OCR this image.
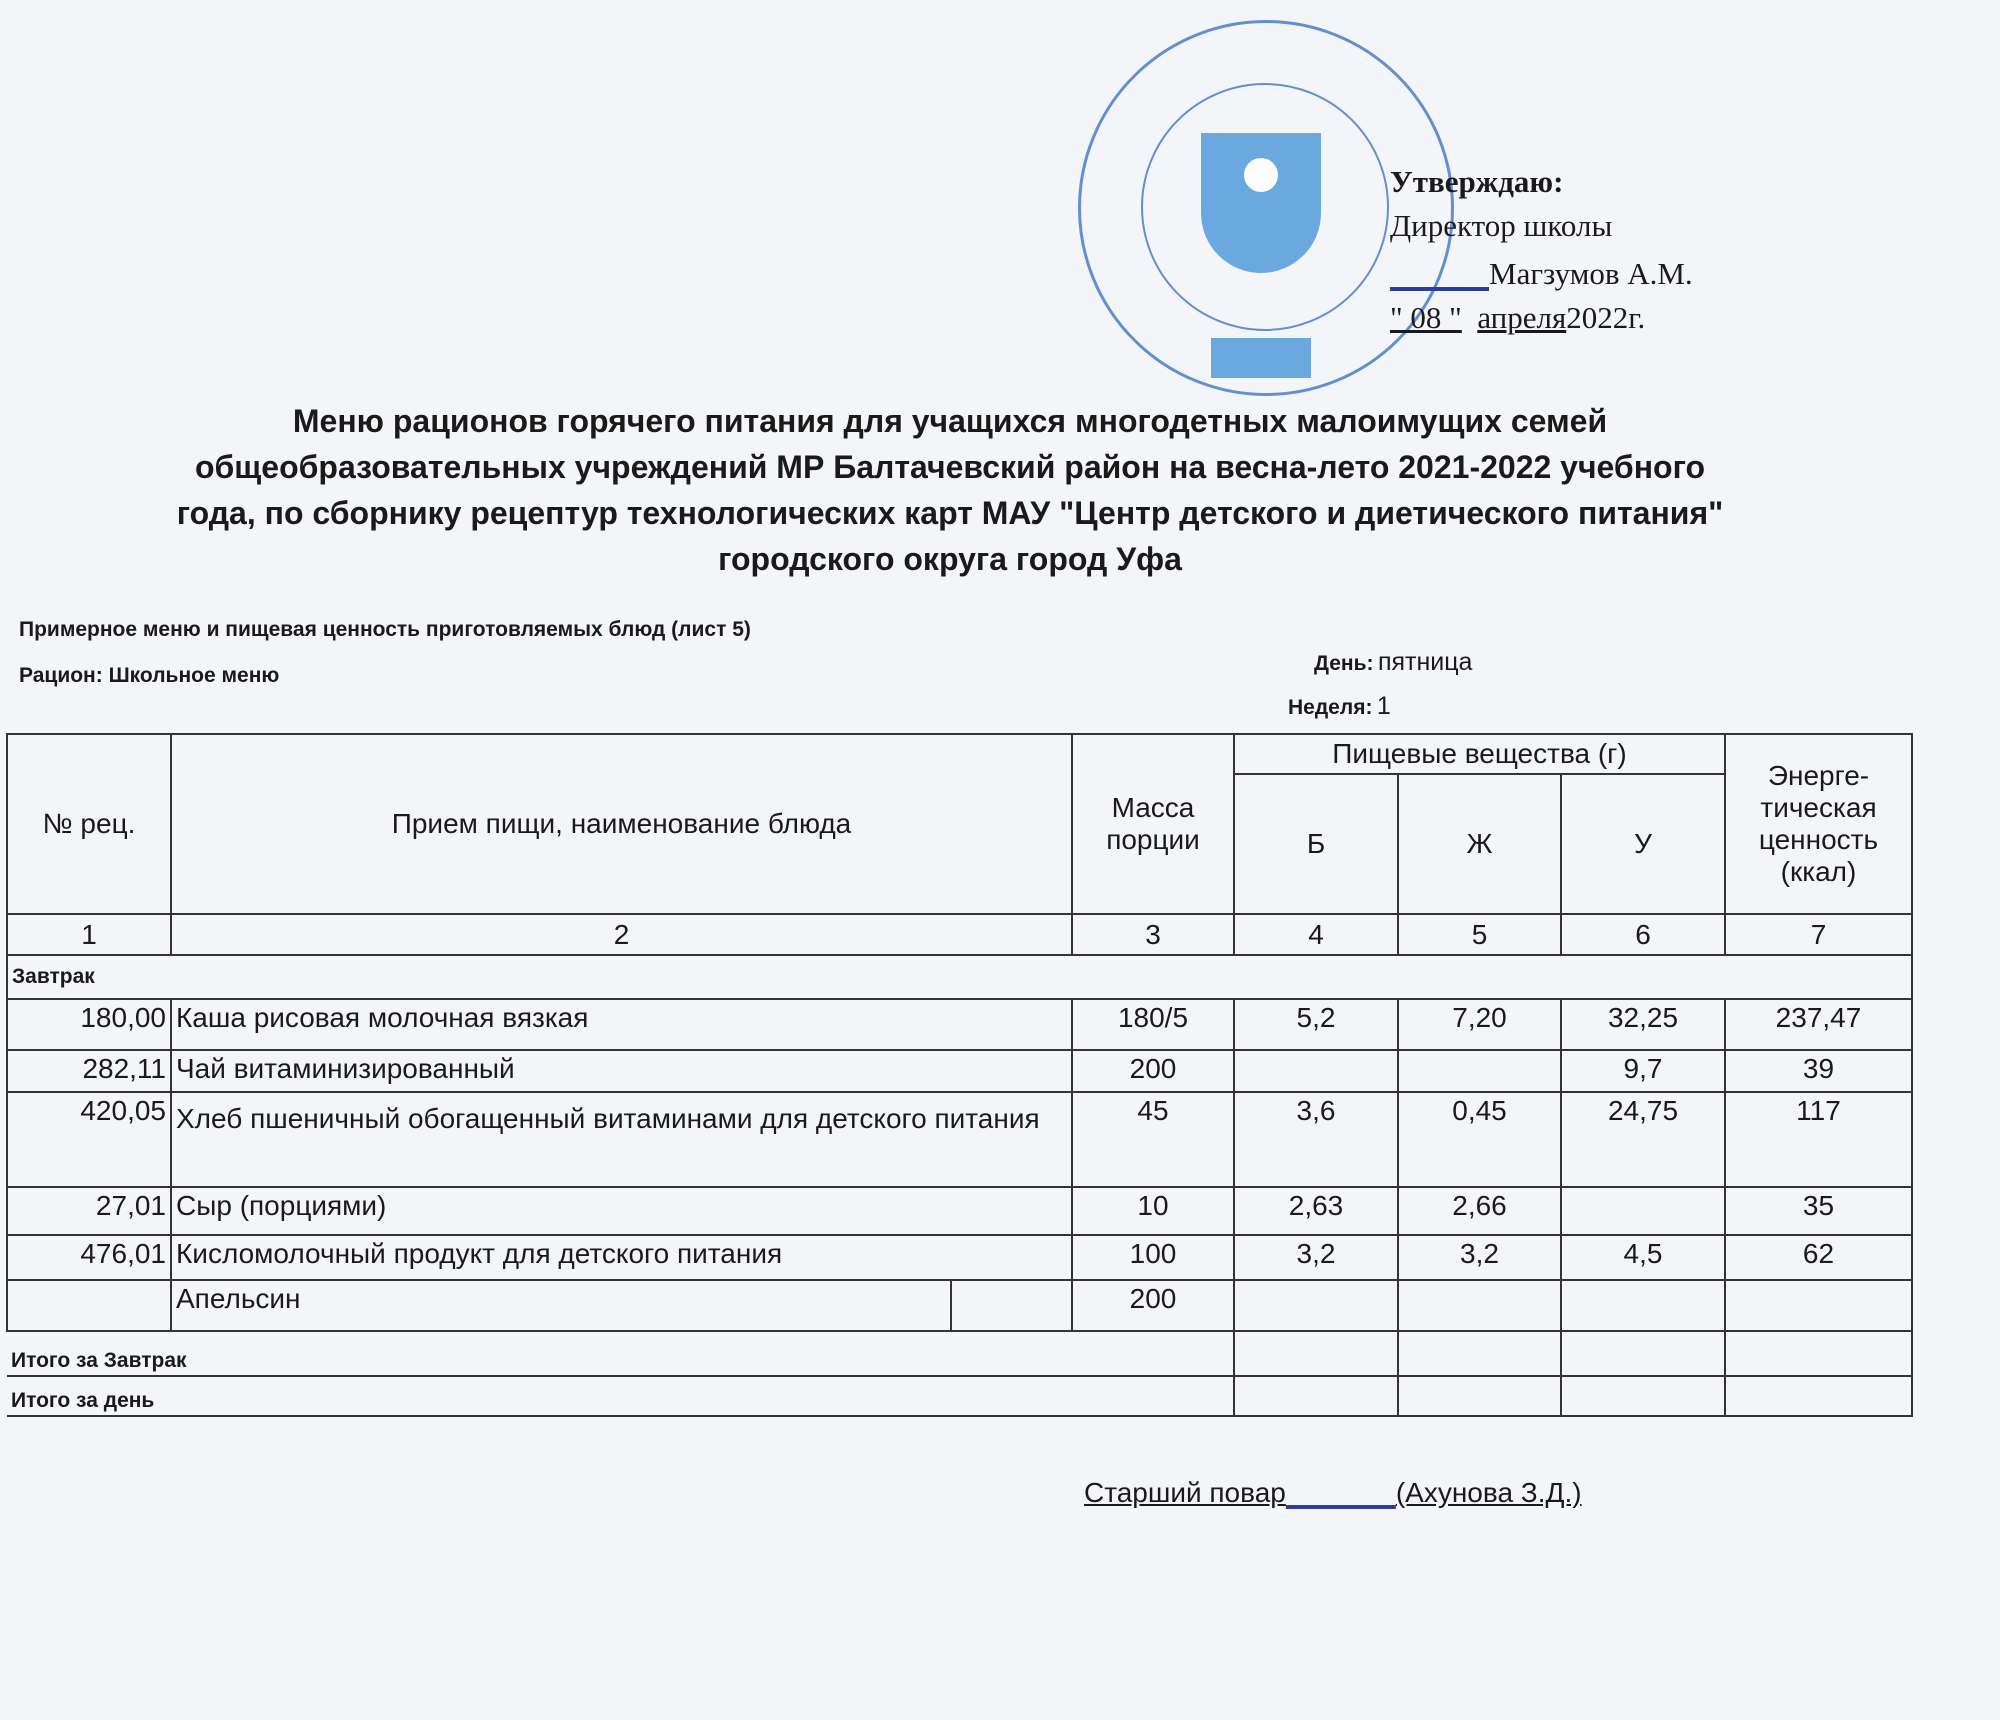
Утверждаю:
Директор школы
Магзумов А.М.
" 08 " апреля2022г.
Меню рационов горячего питания для учащихся многодетных малоимущих семей
общеобразовательных учреждений МР Балтачевский район на весна-лето 2021-2022 учебного
года, по сборнику рецептур технологических карт МАУ "Центр детского и диетического питания"
городского округа город Уфа
Примерное меню и пищевая ценность приготовляемых блюд (лист 5)
Рацион: Школьное меню
День: пятница
Неделя: 1
№ рец.	Прием пищи, наименование блюда		Масса порции	Пищевые вещества (г)			Энерге-тическая ценность (ккал)
				Б	Ж	У	
1	2		3	4	5	6	7
Завтрак							
180,00	Каша рисовая молочная вязкая		180/5	5,2	7,20	32,25	237,47
282,11	Чай витаминизированный		200			9,7	39
420,05	Хлеб пшеничный обогащенный витаминами для детского питания		45	3,6	0,45	24,75	117
27,01	Сыр (порциями)		10	2,63	2,66		35
476,01	Кисломолочный продукт для детского питания		100	3,2	3,2	4,5	62
	Апельсин		200				
Итого за Завтрак							
Итого за день							
Старший повар	(Ахунова З.Д.)
